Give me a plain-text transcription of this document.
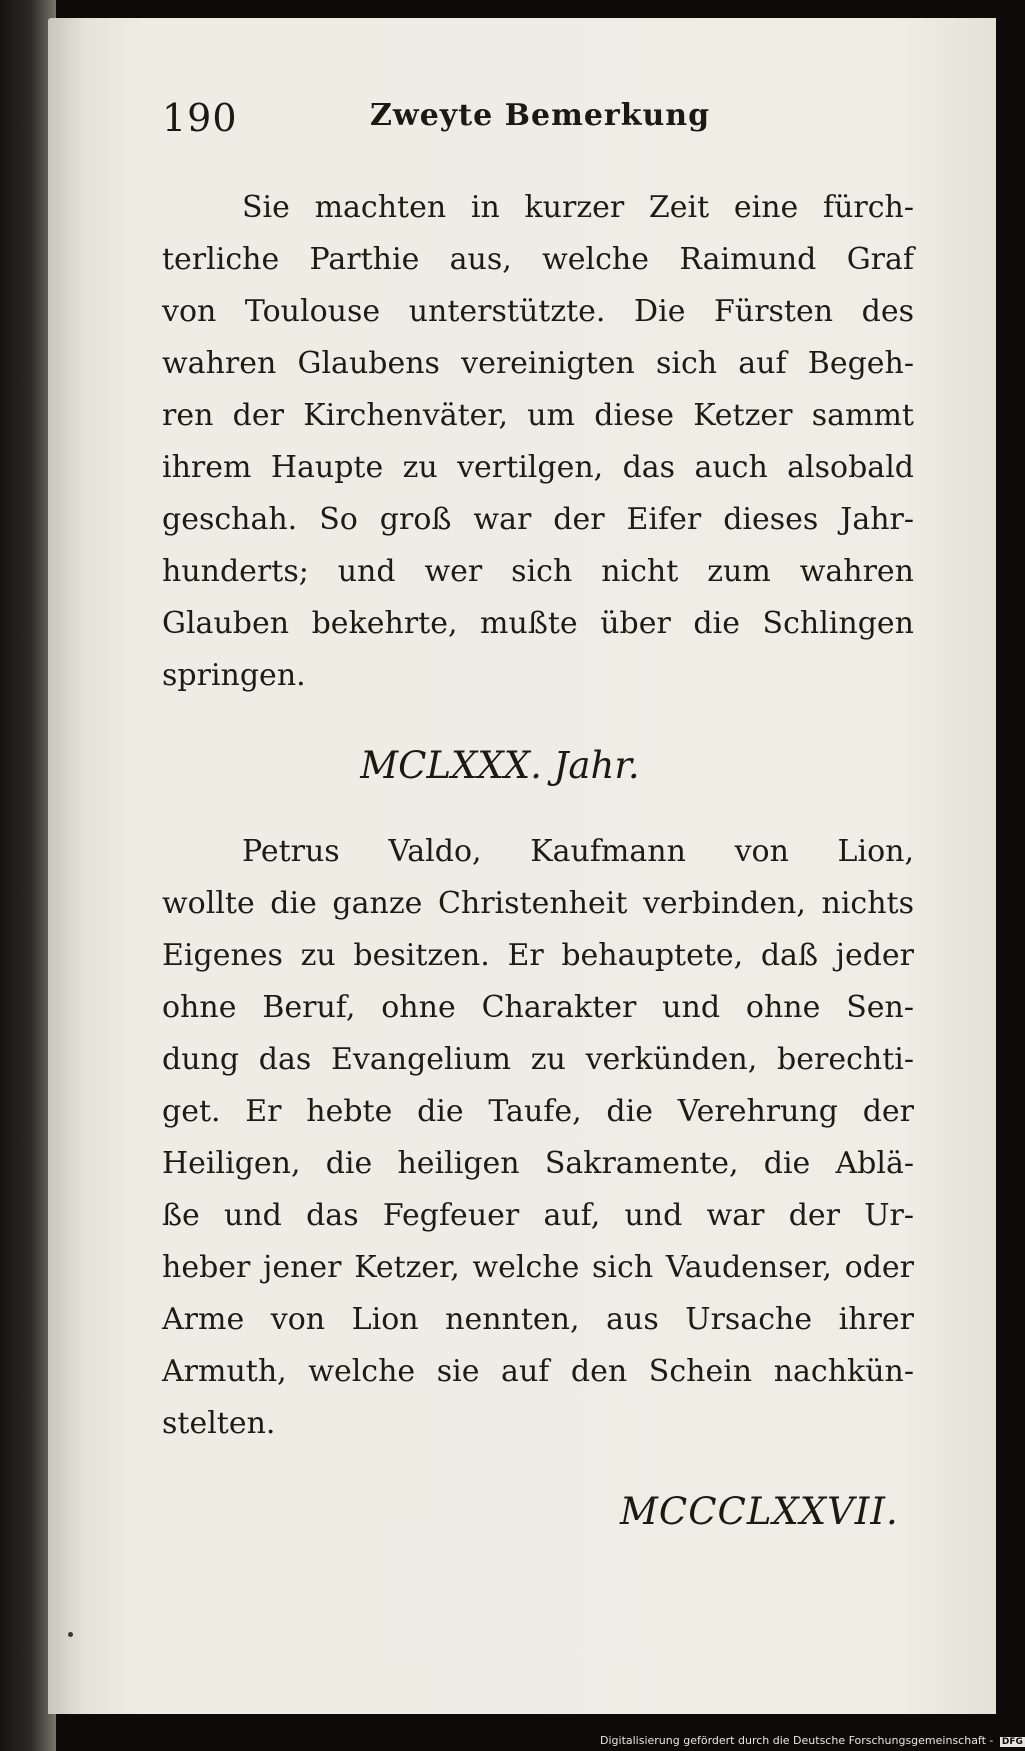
190	Zweyte Bemerkung
Sie machten in kurzer Zeit eine fürch-
terliche Parthie aus, welche Raimund Graf
von Toulouse unterstützte. Die Fürsten des
wahren Glaubens vereinigten sich auf Begeh-
ren der Kirchenväter, um diese Ketzer sammt
ihrem Haupte zu vertilgen, das auch alsobald
geschah. So groß war der Eifer dieses Jahr-
hunderts; und wer sich nicht zum wahren
Glauben bekehrte, mußte über die Schlingen
springen.
MCLXXX. Jahr.
Petrus Valdo, Kaufmann von Lion,
wollte die ganze Christenheit verbinden, nichts
Eigenes zu besitzen. Er behauptete, daß jeder
ohne Beruf, ohne Charakter und ohne Sen-
dung das Evangelium zu verkünden, berechti-
get. Er hebte die Taufe, die Verehrung der
Heiligen, die heiligen Sakramente, die Ablä-
ße und das Fegfeuer auf, und war der Ur-
heber jener Ketzer, welche sich Vaudenser, oder
Arme von Lion nennten, aus Ursache ihrer
Armuth, welche sie auf den Schein nachkün-
stelten.
MCCCLXXVII.
Digitalisierung gefördert durch die Deutsche Forschungsgemeinschaft - DFG
